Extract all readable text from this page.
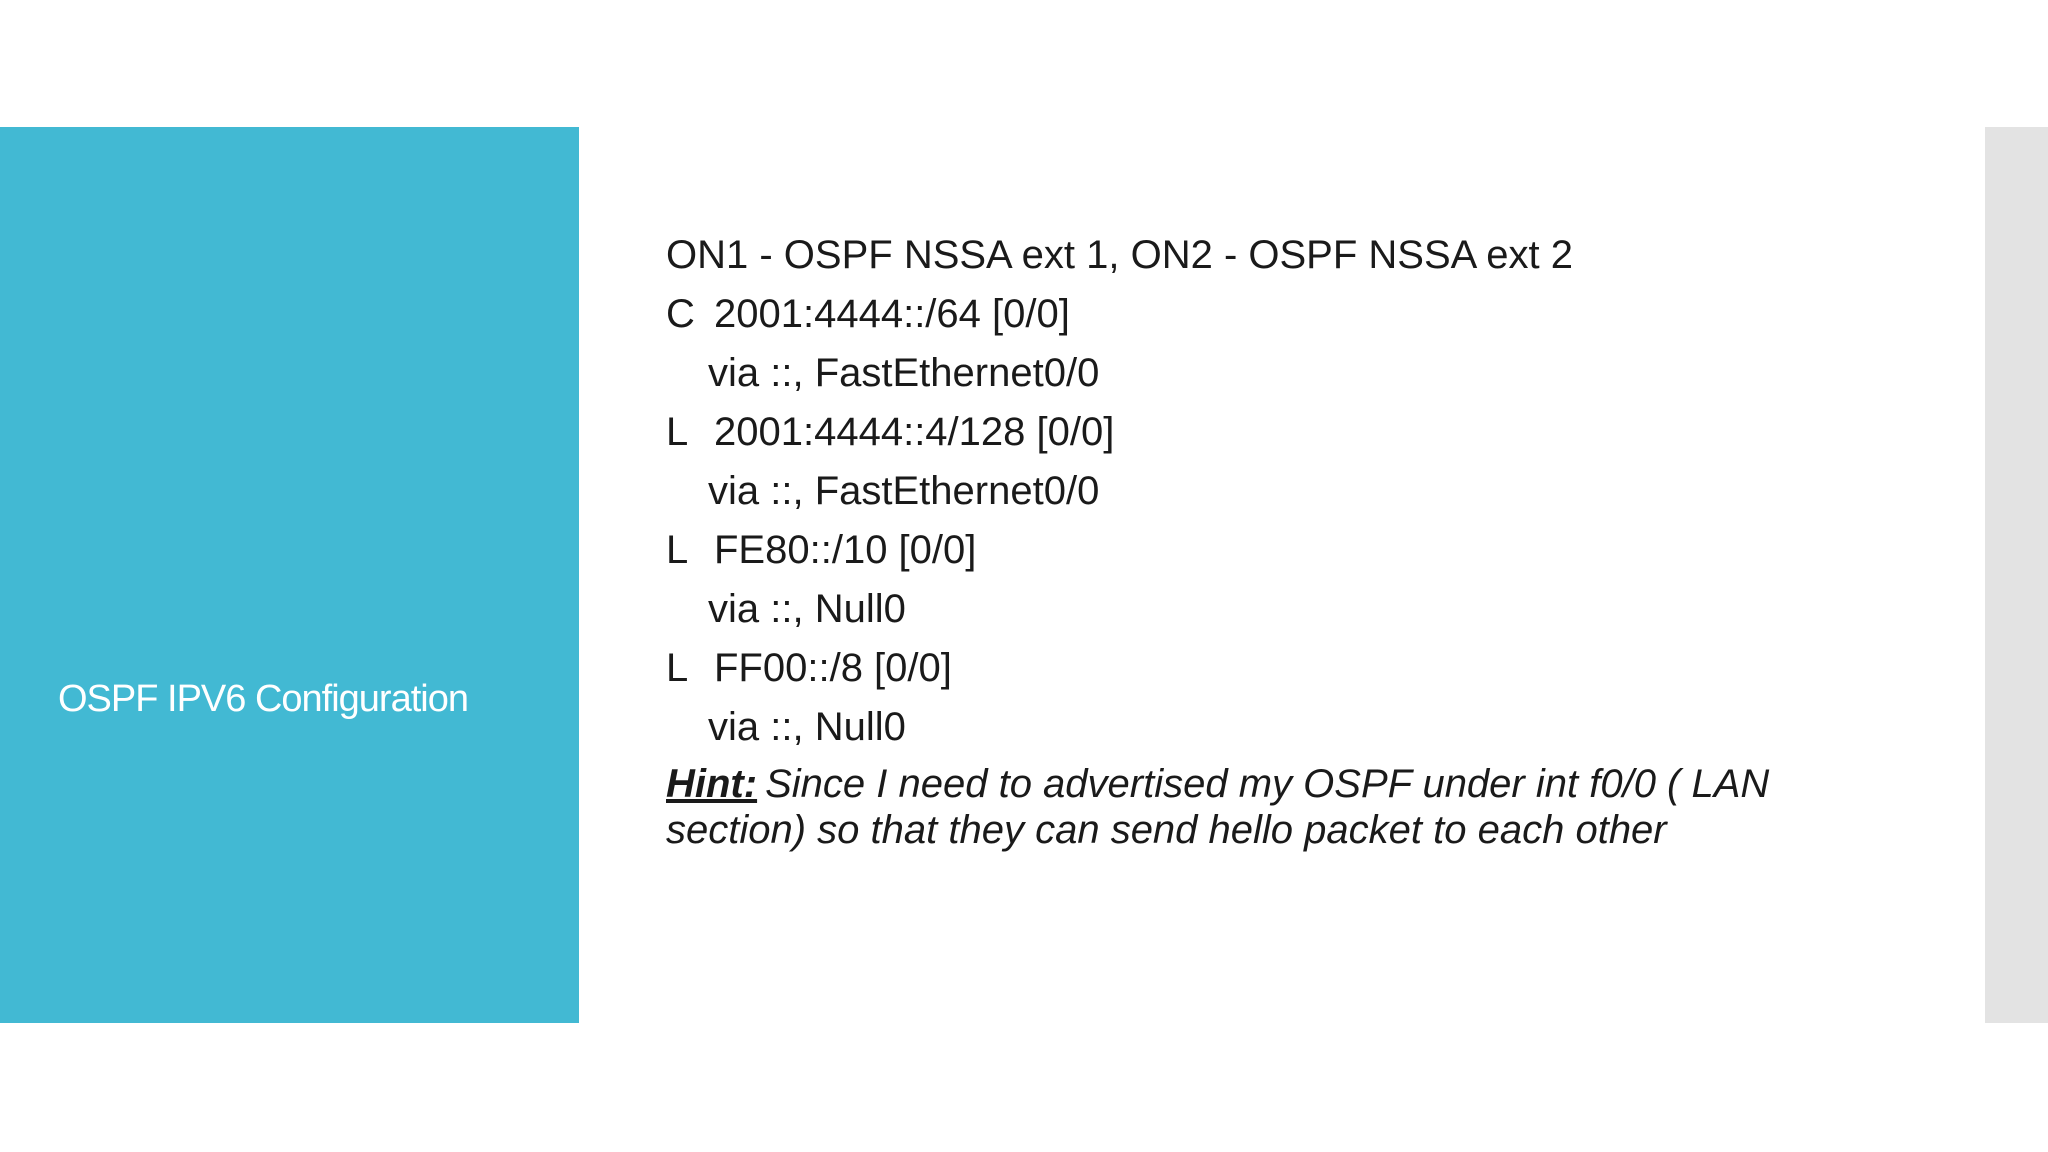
OSPF IPV6 Configuration
ON1 - OSPF NSSA ext 1, ON2 - OSPF NSSA ext 2
C 2001:4444::/64 [0/0]
via ::, FastEthernet0/0
L 2001:4444::4/128 [0/0]
via ::, FastEthernet0/0
L FE80::/10 [0/0]
via ::, Null0
L FF00::/8 [0/0]
via ::, Null0
Hint: Since I need to advertised my OSPF under int f0/0 ( LAN section) so that they can send hello packet to each other
